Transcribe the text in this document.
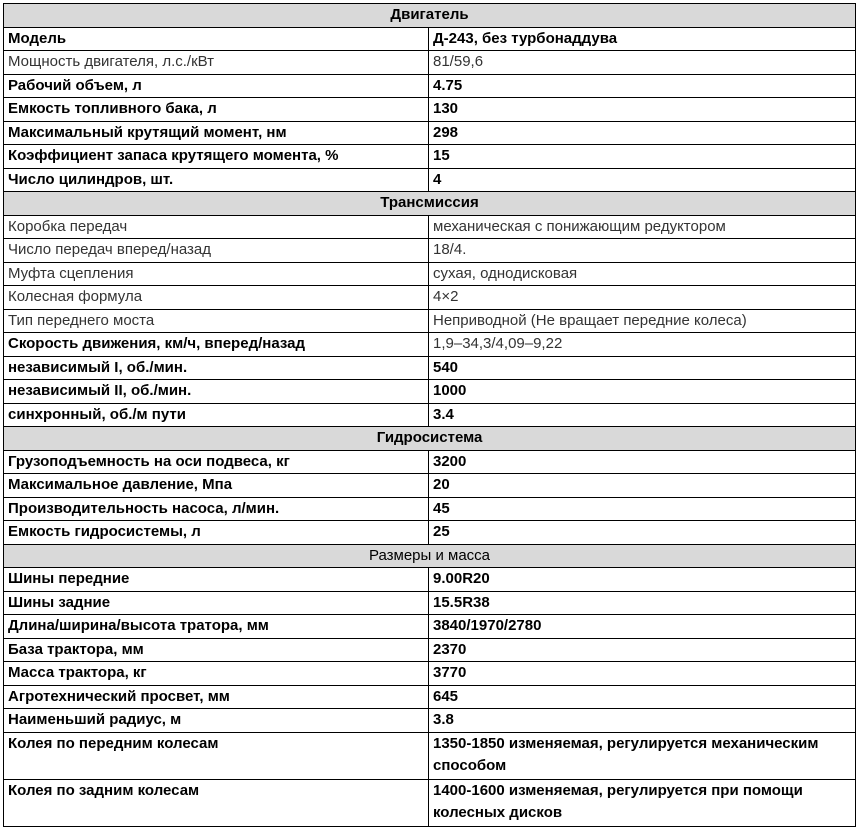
Двигатель	
Модель	Д-243, без турбонаддува
Мощность двигателя, л.с./кВт	81/59,6
Рабочий объем, л	4.75
Емкость топливного бака, л	130
Максимальный крутящий момент, нм	298
Коэффициент запаса крутящего момента, %	15
Число цилиндров, шт.	4
Трансмиссия	
Коробка передач	механическая с понижающим редуктором
Число передач вперед/назад	18/4.
Муфта сцепления	сухая, однодисковая
Колесная формула	4×2
Тип переднего моста	Неприводной (Не вращает передние колеса)
Скорость движения, км/ч, вперед/назад	1,9–34,3/4,09–9,22
независимый I, об./мин.	540
независимый II, об./мин.	1000
синхронный, об./м пути	3.4
Гидросистема	
Грузоподъемность на оси подвеса, кг	3200
Максимальное давление, Мпа	20
Производительность насоса, л/мин.	45
Емкость гидросистемы, л	25
Размеры и масса	
Шины передние	9.00R20
Шины задние	15.5R38
Длина/ширина/высота тратора, мм	3840/1970/2780
База трактора, мм	2370
Масса трактора, кг	3770
Агротехнический просвет, мм	645
Наименьший радиус, м	3.8
Колея по передним колесам	1350-1850 изменяемая, регулируется механическим способом
Колея по задним колесам	1400-1600 изменяемая, регулируется при помощи колесных дисков
